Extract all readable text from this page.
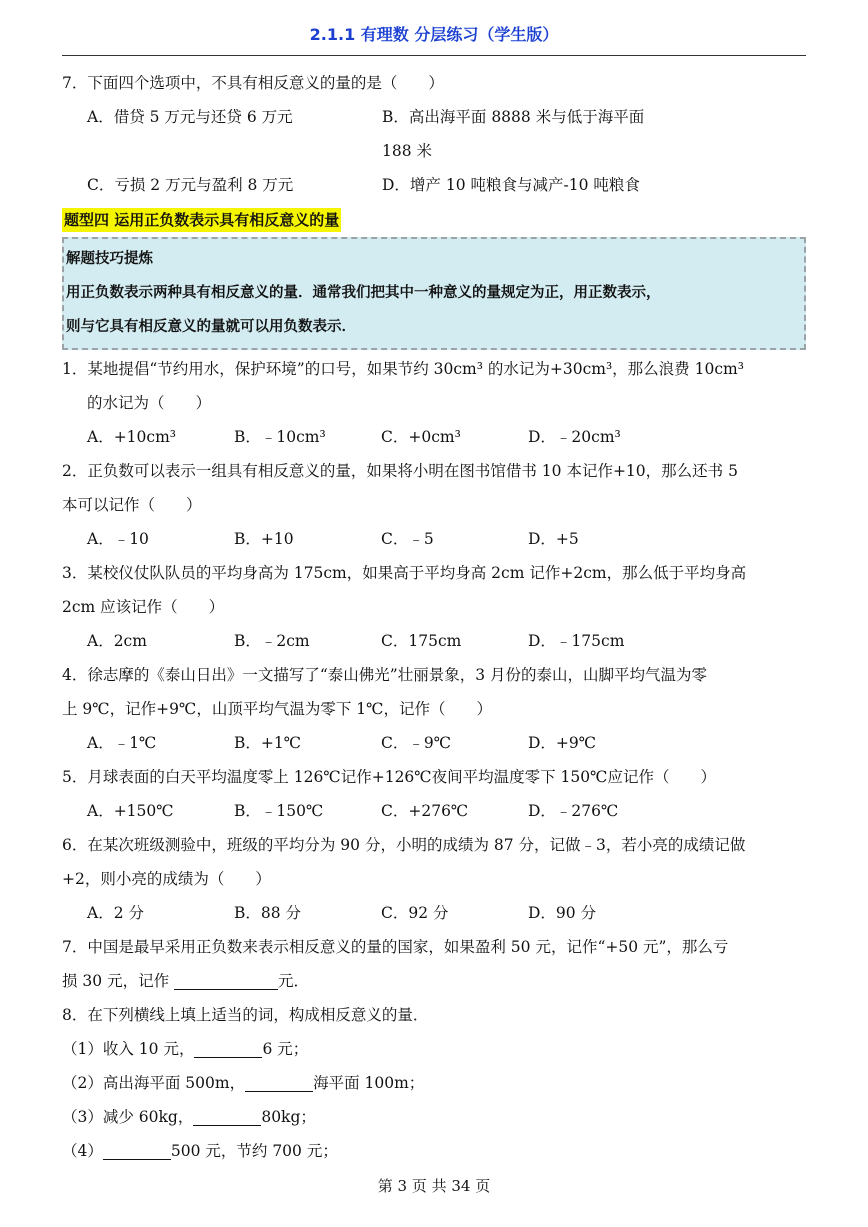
2.1.1 有理数 分层练习（学生版）
7．下面四个选项中，不具有相反意义的量的是（　　）
A．借贷 5 万元与还贷 6 万元	B．高出海平面 8888 米与低于海平面 188 米
C．亏损 2 万元与盈利 8 万元	D．增产 10 吨粮食与减产-10 吨粮食
题型四 运用正负数表示具有相反意义的量
解题技巧提炼
用正负数表示两种具有相反意义的量．通常我们把其中一种意义的量规定为正，用正数表示，
则与它具有相反意义的量就可以用负数表示．
1．某地提倡“节约用水，保护环境”的口号，如果节约 30cm³ 的水记为+30cm³，那么浪费 10cm³
的水记为（　　）
A．+10cm³	B．﹣10cm³	C．+0cm³	D．﹣20cm³
2．正负数可以表示一组具有相反意义的量，如果将小明在图书馆借书 10 本记作+10，那么还书 5
本可以记作（　　）
A．﹣10	B．+10	C．﹣5	D．+5
3．某校仪仗队队员的平均身高为 175cm，如果高于平均身高 2cm 记作+2cm，那么低于平均身高
2cm 应该记作（　　）
A．2cm	B．﹣2cm	C．175cm	D．﹣175cm
4．徐志摩的《泰山日出》一文描写了“泰山佛光”壮丽景象，3 月份的泰山，山脚平均气温为零
上 9℃，记作+9℃，山顶平均气温为零下 1℃，记作（　　）
A．﹣1℃	B．+1℃	C．﹣9℃	D．+9℃
5．月球表面的白天平均温度零上 126℃记作+126℃夜间平均温度零下 150℃应记作（　　）
A．+150℃	B．﹣150℃	C．+276℃	D．﹣276℃
6．在某次班级测验中，班级的平均分为 90 分，小明的成绩为 87 分，记做﹣3，若小亮的成绩记做
+2，则小亮的成绩为（　　）
A．2 分	B．88 分	C．92 分	D．90 分
7．中国是最早采用正负数来表示相反意义的量的国家，如果盈利 50 元，记作“+50 元”，那么亏
损 30 元，记作	元．
8．在下列横线上填上适当的词，构成相反意义的量．
（1）收入 10 元，	6 元；
（2）高出海平面 500m，	海平面 100m；
（3）减少 60kg，	80kg；
（4）	500 元，节约 700 元；
第 3 页 共 34 页
